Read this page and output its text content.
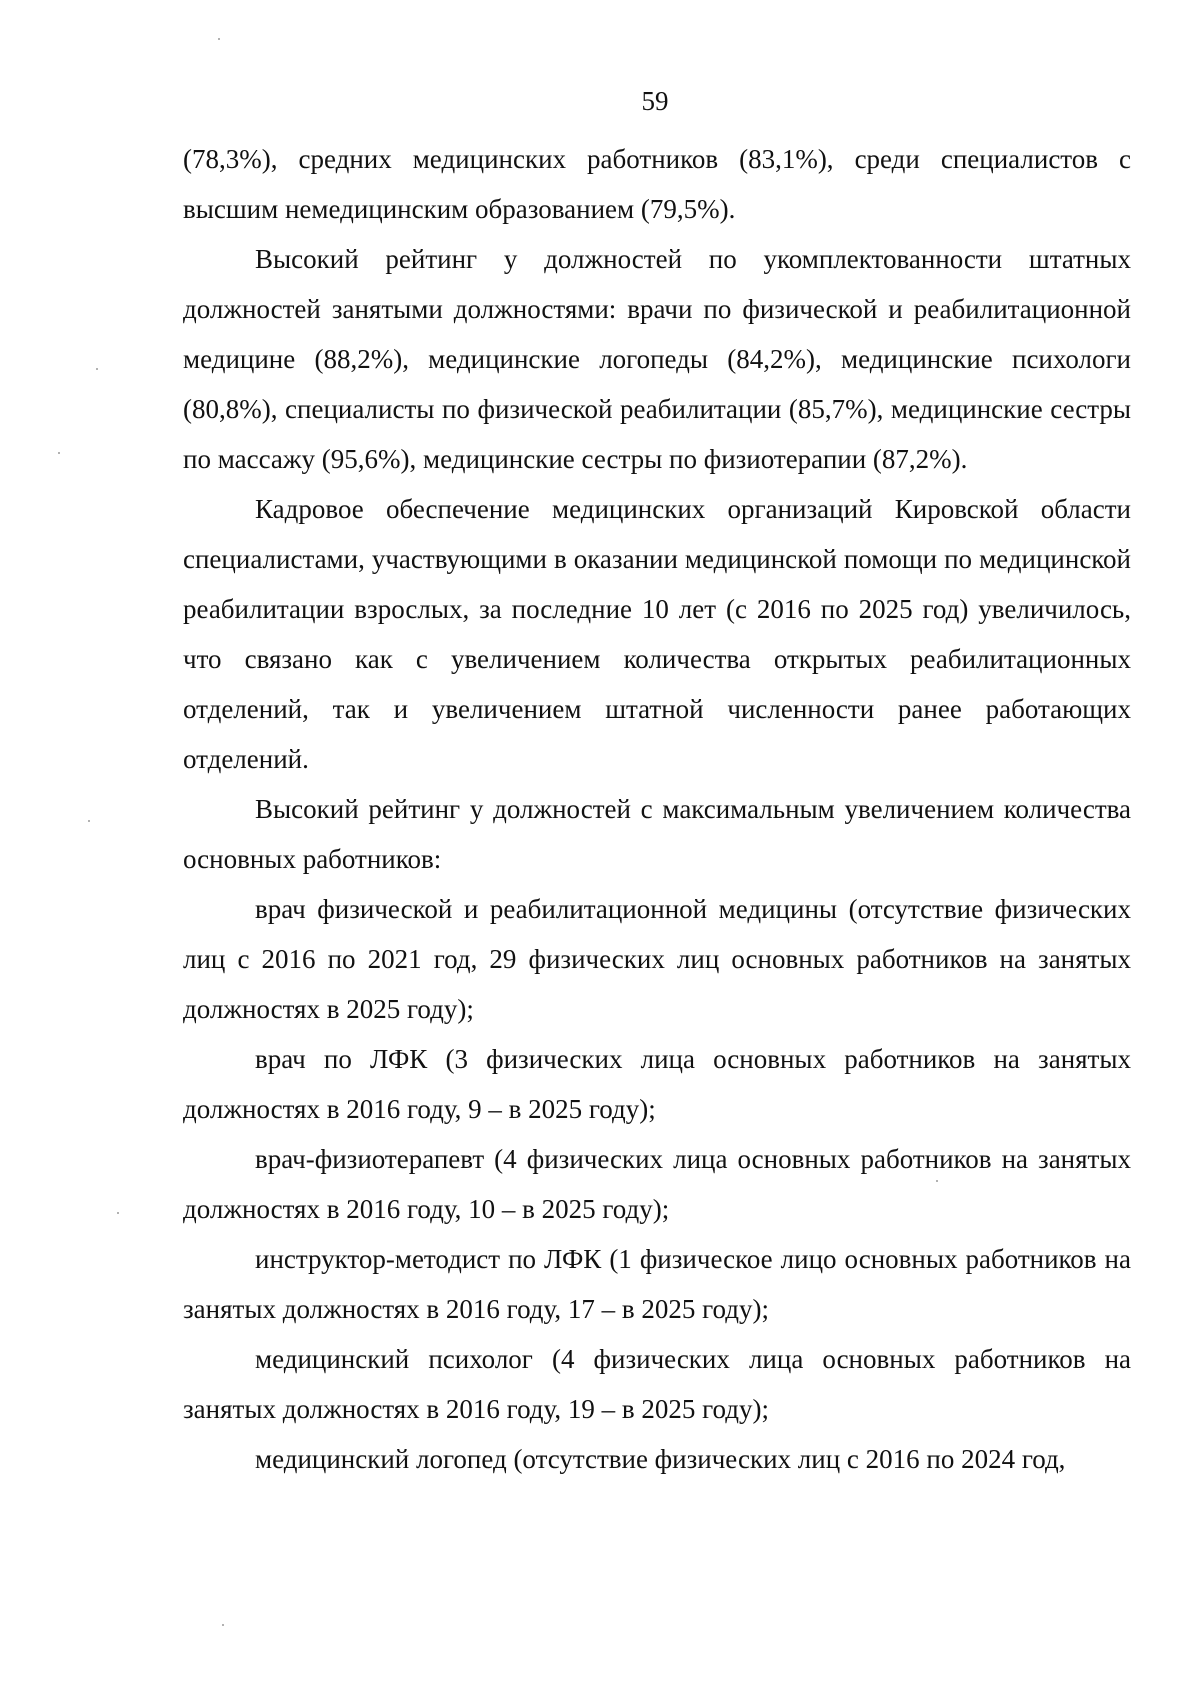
59

(78,3%), средних медицинских работников (83,1%), среди специалистов с высшим немедицинским образованием (79,5%).

Высокий рейтинг у должностей по укомплектованности штатных должностей занятыми должностями: врачи по физической и реабилитационной медицине (88,2%), медицинские логопеды (84,2%), медицинские психологи (80,8%), специалисты по физической реабилитации (85,7%), медицинские сестры по массажу (95,6%), медицинские сестры по физиотерапии (87,2%).

Кадровое обеспечение медицинских организаций Кировской области специалистами, участвующими в оказании медицинской помощи по медицинской реабилитации взрослых, за последние 10 лет (с 2016 по 2025 год) увеличилось, что связано как с увеличением количества открытых реабилитационных отделений, так и увеличением штатной численности ранее работающих отделений.

Высокий рейтинг у должностей с максимальным увеличением количества основных работников:

врач физической и реабилитационной медицины (отсутствие физических лиц с 2016 по 2021 год, 29 физических лиц основных работников на занятых должностях в 2025 году);

врач по ЛФК (3 физических лица основных работников на занятых должностях в 2016 году, 9 – в 2025 году);

врач-физиотерапевт (4 физических лица основных работников на занятых должностях в 2016 году, 10 – в 2025 году);

инструктор-методист по ЛФК (1 физическое лицо основных работников на занятых должностях в 2016 году, 17 – в 2025 году);

медицинский психолог (4 физических лица основных работников на занятых должностях в 2016 году, 19 – в 2025 году);

медицинский логопед (отсутствие физических лиц с 2016 по 2024 год,
